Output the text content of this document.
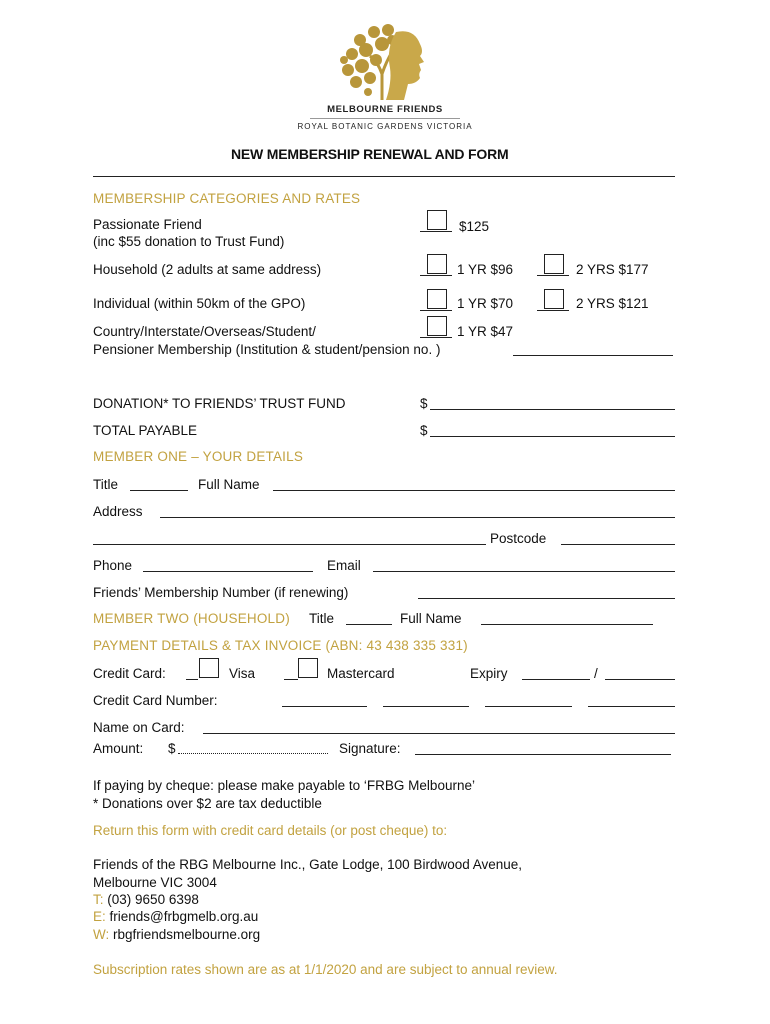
MELBOURNE FRIENDS
ROYAL BOTANIC GARDENS VICTORIA
NEW MEMBERSHIP RENEWAL AND FORM
MEMBERSHIP CATEGORIES AND RATES
Passionate Friend
(inc $55 donation to Trust Fund)
$125
Household (2 adults at same address)	1 YR $96	2 YRS $177
Individual (within 50km of the GPO)	1 YR $70	2 YRS $121
Country/Interstate/Overseas/Student/	1 YR $47
Pensioner Membership (Institution & student/pension no. )
DONATION* TO FRIENDS’ TRUST FUND	$
TOTAL PAYABLE	$
MEMBER ONE – YOUR DETAILS
Title	Full Name
Address
Postcode
Phone	Email
Friends’ Membership Number (if renewing)
MEMBER TWO (HOUSEHOLD) Title	Full Name
PAYMENT DETAILS & TAX INVOICE (ABN: 43 438 335 331)
Credit Card:	Visa	Mastercard	Expiry	/
Credit Card Number:
Name on Card:
Amount: $	Signature:
If paying by cheque: please make payable to ‘FRBG Melbourne’
* Donations over $2 are tax deductible
Return this form with credit card details (or post cheque) to:
Friends of the RBG Melbourne Inc., Gate Lodge, 100 Birdwood Avenue,
Melbourne VIC 3004
T: (03) 9650 6398
E: friends@frbgmelb.org.au
W: rbgfriendsmelbourne.org
Subscription rates shown are as at 1/1/2020 and are subject to annual review.
